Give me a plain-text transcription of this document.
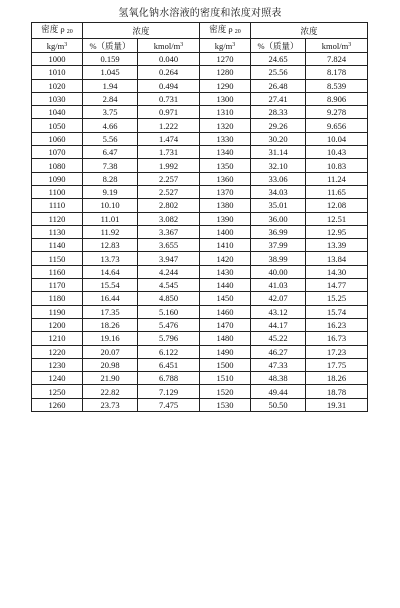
氢氧化钠水溶液的密度和浓度对照表
密度 ρ 20	浓度		密度 ρ 20	浓度	
$kg/m^3$	%（质量）	kmol/$m^3$	$kg/m^3$	%（质量）	kmol/$m^3$
1000	0.159	0.040	1270	24.65	7.824
1010	1.045	0.264	1280	25.56	8.178
1020	1.94	0.494	1290	26.48	8.539
1030	2.84	0.731	1300	27.41	8.906
1040	3.75	0.971	1310	28.33	9.278
1050	4.66	1.222	1320	29.26	9.656
1060	5.56	1.474	1330	30.20	10.04
1070	6.47	1.731	1340	31.14	10.43
1080	7.38	1.992	1350	32.10	10.83
1090	8.28	2.257	1360	33.06	11.24
1100	9.19	2.527	1370	34.03	11.65
1110	10.10	2.802	1380	35.01	12.08
1120	11.01	3.082	1390	36.00	12.51
1130	11.92	3.367	1400	36.99	12.95
1140	12.83	3.655	1410	37.99	13.39
1150	13.73	3.947	1420	38.99	13.84
1160	14.64	4.244	1430	40.00	14.30
1170	15.54	4.545	1440	41.03	14.77
1180	16.44	4.850	1450	42.07	15.25
1190	17.35	5.160	1460	43.12	15.74
1200	18.26	5.476	1470	44.17	16.23
1210	19.16	5.796	1480	45.22	16.73
1220	20.07	6.122	1490	46.27	17.23
1230	20.98	6.451	1500	47.33	17.75
1240	21.90	6.788	1510	48.38	18.26
1250	22.82	7.129	1520	49.44	18.78
1260	23.73	7.475	1530	50.50	19.31
